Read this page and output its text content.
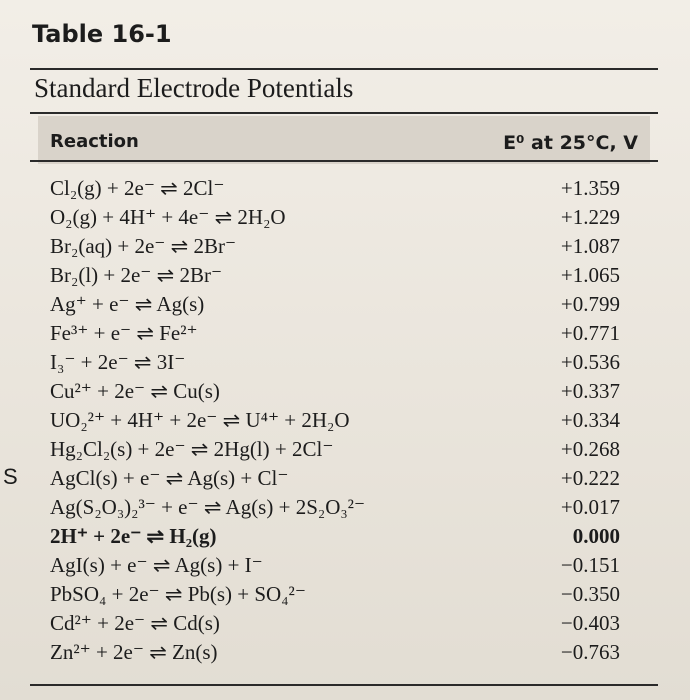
Table 16-1
Standard Electrode Potentials
Reaction	E⁰ at 25°C, V
Cl₂(g) + 2e⁻ ⇌ 2Cl⁻	+1.359
O₂(g) + 4H⁺ + 4e⁻ ⇌ 2H₂O	+1.229
Br₂(aq) + 2e⁻ ⇌ 2Br⁻	+1.087
Br₂(l) + 2e⁻ ⇌ 2Br⁻	+1.065
Ag⁺ + e⁻ ⇌ Ag(s)	+0.799
Fe³⁺ + e⁻ ⇌ Fe²⁺	+0.771
I₃⁻ + 2e⁻ ⇌ 3I⁻	+0.536
Cu²⁺ + 2e⁻ ⇌ Cu(s)	+0.337
UO₂²⁺ + 4H⁺ + 2e⁻ ⇌ U⁴⁺ + 2H₂O	+0.334
Hg₂Cl₂(s) + 2e⁻ ⇌ 2Hg(l) + 2Cl⁻	+0.268
S AgCl(s) + e⁻ ⇌ Ag(s) + Cl⁻	+0.222
Ag(S₂O₃)₂³⁻ + e⁻ ⇌ Ag(s) + 2S₂O₃²⁻	+0.017
2H⁺ + 2e⁻ ⇌ H₂(g)	0.000
AgI(s) + e⁻ ⇌ Ag(s) + I⁻	−0.151
PbSO₄ + 2e⁻ ⇌ Pb(s) + SO₄²⁻	−0.350
Cd²⁺ + 2e⁻ ⇌ Cd(s)	−0.403
Zn²⁺ + 2e⁻ ⇌ Zn(s)	−0.763
